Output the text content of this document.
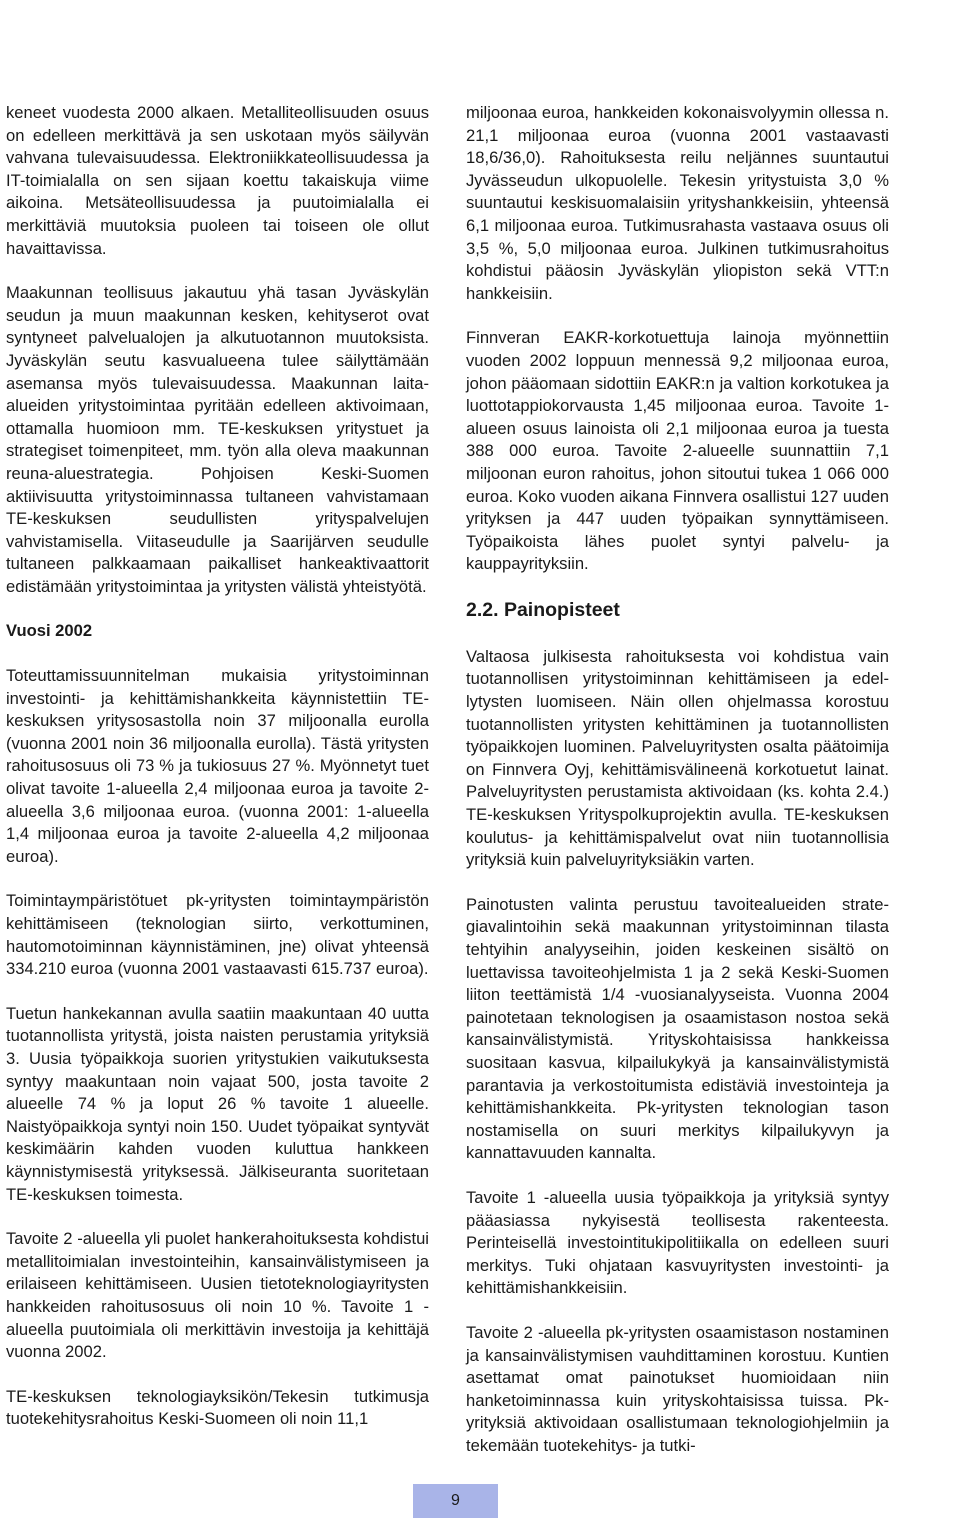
keneet vuodesta 2000 alkaen. Metalliteollisuuden osuus on edelleen merkittävä ja sen uskotaan myös säilyvän vahvana tulevaisuudessa. Elektroniikkateollisuudessa ja IT-toimialalla on sen sijaan koettu takaiskuja viime aikoina. Metsäteollisuudessa ja puutoimialalla ei merkittäviä muutoksia puoleen tai toiseen ole ollut havaittavissa.

Maakunnan teollisuus jakautuu yhä tasan Jyväskylän seudun ja muun maakunnan kesken, kehityserot ovat syntyneet palvelualojen ja alkutuotannon muutoksista. Jyväskylän seutu kasvualueena tulee säilyttämään asemansa myös tulevaisuudessa. Maakunnan laita-alueiden yritystoimintaa pyritään edelleen aktivoimaan, ottamalla huomioon mm. TE-keskuksen yritystuet ja strategiset toimenpiteet, mm. työn alla oleva maakunnan reuna-aluestrategia. Pohjoisen Keski-Suomen aktiivisuutta yritystoiminnassa tultaneen vahvistamaan TE-keskuksen seudullisten yrityspalvelujen vahvistamisella. Viitaseudulle ja Saarijärven seudulle tultaneen palkkaamaan paikalliset hankeaktivaattorit edistämään yritystoimintaa ja yritysten välistä yhteistyötä.

Vuosi 2002

Toteuttamissuunnitelman mukaisia yritystoiminnan investointi- ja kehittämishankkeita käynnistettiin TE-keskuksen yritysosastolla noin 37 miljoonalla eurolla (vuonna 2001 noin 36 miljoonalla eurolla). Tästä yritysten rahoitusosuus oli 73 % ja tukiosuus 27 %. Myönnetyt tuet olivat tavoite 1-alueella 2,4 miljoonaa euroa ja tavoite 2-alueella 3,6 miljoonaa euroa. (vuonna 2001: 1-alueella 1,4 miljoonaa euroa ja tavoite 2-alueella 4,2 miljoonaa euroa).

Toimintaympäristötuet pk-yritysten toimintaympäristön kehittämiseen (teknologian siirto, verkottuminen, hautomotoiminnan käynnistäminen, jne) olivat yhteensä 334.210 euroa (vuonna 2001 vastaavasti 615.737 euroa).

Tuetun hankekannan avulla saatiin maakuntaan 40 uutta tuotannollista yritystä, joista naisten perustamia yrityksiä 3. Uusia työpaikkoja suorien yritystukien vaikutuksesta syntyy maakuntaan noin vajaat 500, josta tavoite 2 alueelle 74 % ja loput 26 % tavoite 1 alueelle. Naistyöpaikkoja syntyi noin 150. Uudet työpaikat syntyvät keskimäärin kahden vuoden kuluttua hankkeen käynnistymisestä yrityksessä. Jälkiseuranta suoritetaan TE-keskuksen toimesta.

Tavoite 2 -alueella yli puolet hankerahoituksesta kohdistui metallitoimialan investointeihin, kansainvälistymiseen ja erilaiseen kehittämiseen. Uusien tietoteknologiayritysten hankkeiden rahoitusosuus oli noin 10 %. Tavoite 1 -alueella puutoimiala oli merkittävin investoija ja kehittäjä vuonna 2002.

TE-keskuksen teknologiayksikön/Tekesin tutkimusja tuotekehitysrahoitus Keski-Suomeen oli noin 11,1

miljoonaa euroa, hankkeiden kokonaisvolyymin ollessa n. 21,1 miljoonaa euroa (vuonna 2001 vastaavasti 18,6/36,0). Rahoituksesta reilu neljännes suuntautui Jyvässeudun ulkopuolelle. Tekesin yritystuista 3,0 % suuntautui keskisuomalaisiin yrityshankkeisiin, yhteensä 6,1 miljoonaa euroa. Tutkimusrahasta vastaava osuus oli 3,5 %, 5,0 miljoonaa euroa. Julkinen tutkimusrahoitus kohdistui pääosin Jyväskylän yliopiston sekä VTT:n hankkeisiin.

Finnveran EAKR-korkotuettuja lainoja myönnettiin vuoden 2002 loppuun mennessä 9,2 miljoonaa euroa, johon pääomaan sidottiin EAKR:n ja valtion korkotukea ja luottotappiokorvausta 1,45 miljoonaa euroa. Tavoite 1-alueen osuus lainoista oli 2,1 miljoonaa euroa ja tuesta 388 000 euroa. Tavoite 2-alueelle suunnattiin 7,1 miljoonan euron rahoitus, johon sitoutui tukea 1 066 000 euroa. Koko vuoden aikana Finnvera osallistui 127 uuden yrityksen ja 447 uuden työpaikan synnyttämiseen. Työpaikoista lähes puolet syntyi palvelu- ja kauppayrityksiin.

2.2. Painopisteet

Valtaosa julkisesta rahoituksesta voi kohdistua vain tuotannollisen yritystoiminnan kehittämiseen ja edellytysten luomiseen. Näin ollen ohjelmassa korostuu tuotannollisten yritysten kehittäminen ja tuotannollisten työpaikkojen luominen. Palveluyritysten osalta päätoimija on Finnvera Oyj, kehittämisvälineenä korkotuetut lainat. Palveluyritysten perustamista aktivoidaan (ks. kohta 2.4.) TE-keskuksen Yrityspolkuprojektin avulla. TE-keskuksen koulutus- ja kehittämispalvelut ovat niin tuotannollisia yrityksiä kuin palveluyrityksiäkin varten.

Painotusten valinta perustuu tavoitealueiden strategiavalintoihin sekä maakunnan yritystoiminnan tilasta tehtyihin analyyseihin, joiden keskeinen sisältö on luettavissa tavoiteohjelmista 1 ja 2 sekä Keski-Suomen liiton teettämistä 1/4 -vuosianalyyseista. Vuonna 2004 painotetaan teknologisen ja osaamistason nostoa sekä kansainvälistymistä. Yrityskohtaisissa hankkeissa suositaan kasvua, kilpailukykyä ja kansainvälistymistä parantavia ja verkostoitumista edistäviä investointeja ja kehittämishankkeita. Pk-yritysten teknologian tason nostamisella on suuri merkitys kilpailukyvyn ja kannattavuuden kannalta.

Tavoite 1 -alueella uusia työpaikkoja ja yrityksiä syntyy pääasiassa nykyisestä teollisesta rakenteesta. Perinteisellä investointitukipolitiikalla on edelleen suuri merkitys. Tuki ohjataan kasvuyritysten investointi- ja kehittämishankkeisiin.

Tavoite 2 -alueella pk-yritysten osaamistason nostaminen ja kansainvälistymisen vauhdittaminen korostuu. Kuntien asettamat omat painotukset huomioidaan niin hanketoiminnassa kuin yrityskohtaisissa tuissa. Pk-yrityksiä aktivoidaan osallistumaan teknologiohjelmiin ja tekemään tuotekehitys- ja tutki-

9
